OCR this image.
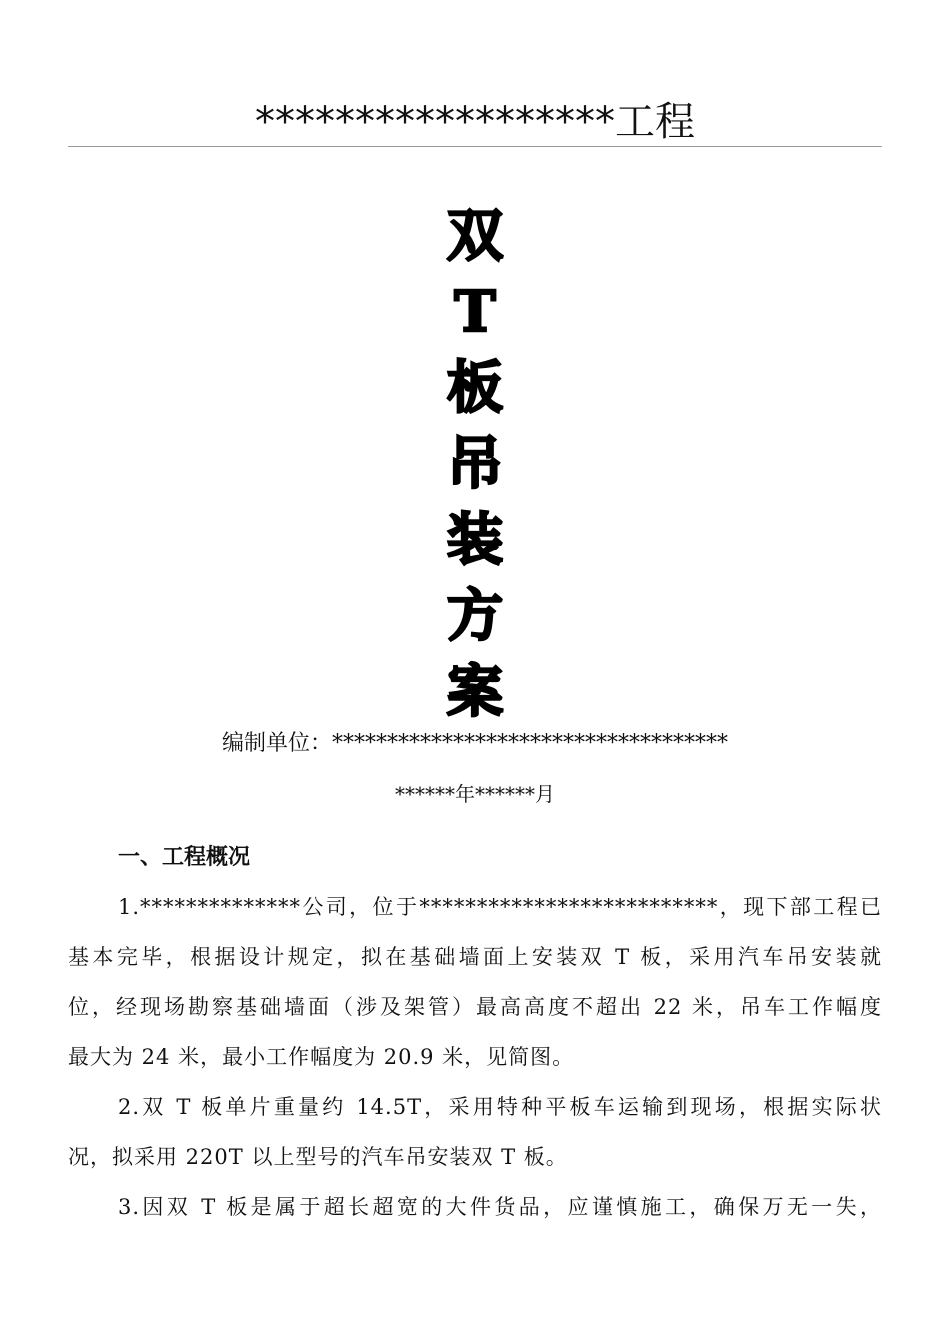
******************工程
双
T
板
吊
装
方
案
编制单位：************************************
******年******月
一、工程概况
1.**************公司，位于**************************，现下部工程已
基本完毕，根据设计规定，拟在基础墙面上安装双 T 板，采用汽车吊安装就
位，经现场勘察基础墙面（涉及架管）最高高度不超出 22 米，吊车工作幅度
最大为 24 米，最小工作幅度为 20.9 米，见简图。
2.双 T 板单片重量约 14.5T，采用特种平板车运输到现场，根据实际状
况，拟采用 220T 以上型号的汽车吊安装双 T 板。
3.因双 T 板是属于超长超宽的大件货品，应谨慎施工，确保万无一失，
